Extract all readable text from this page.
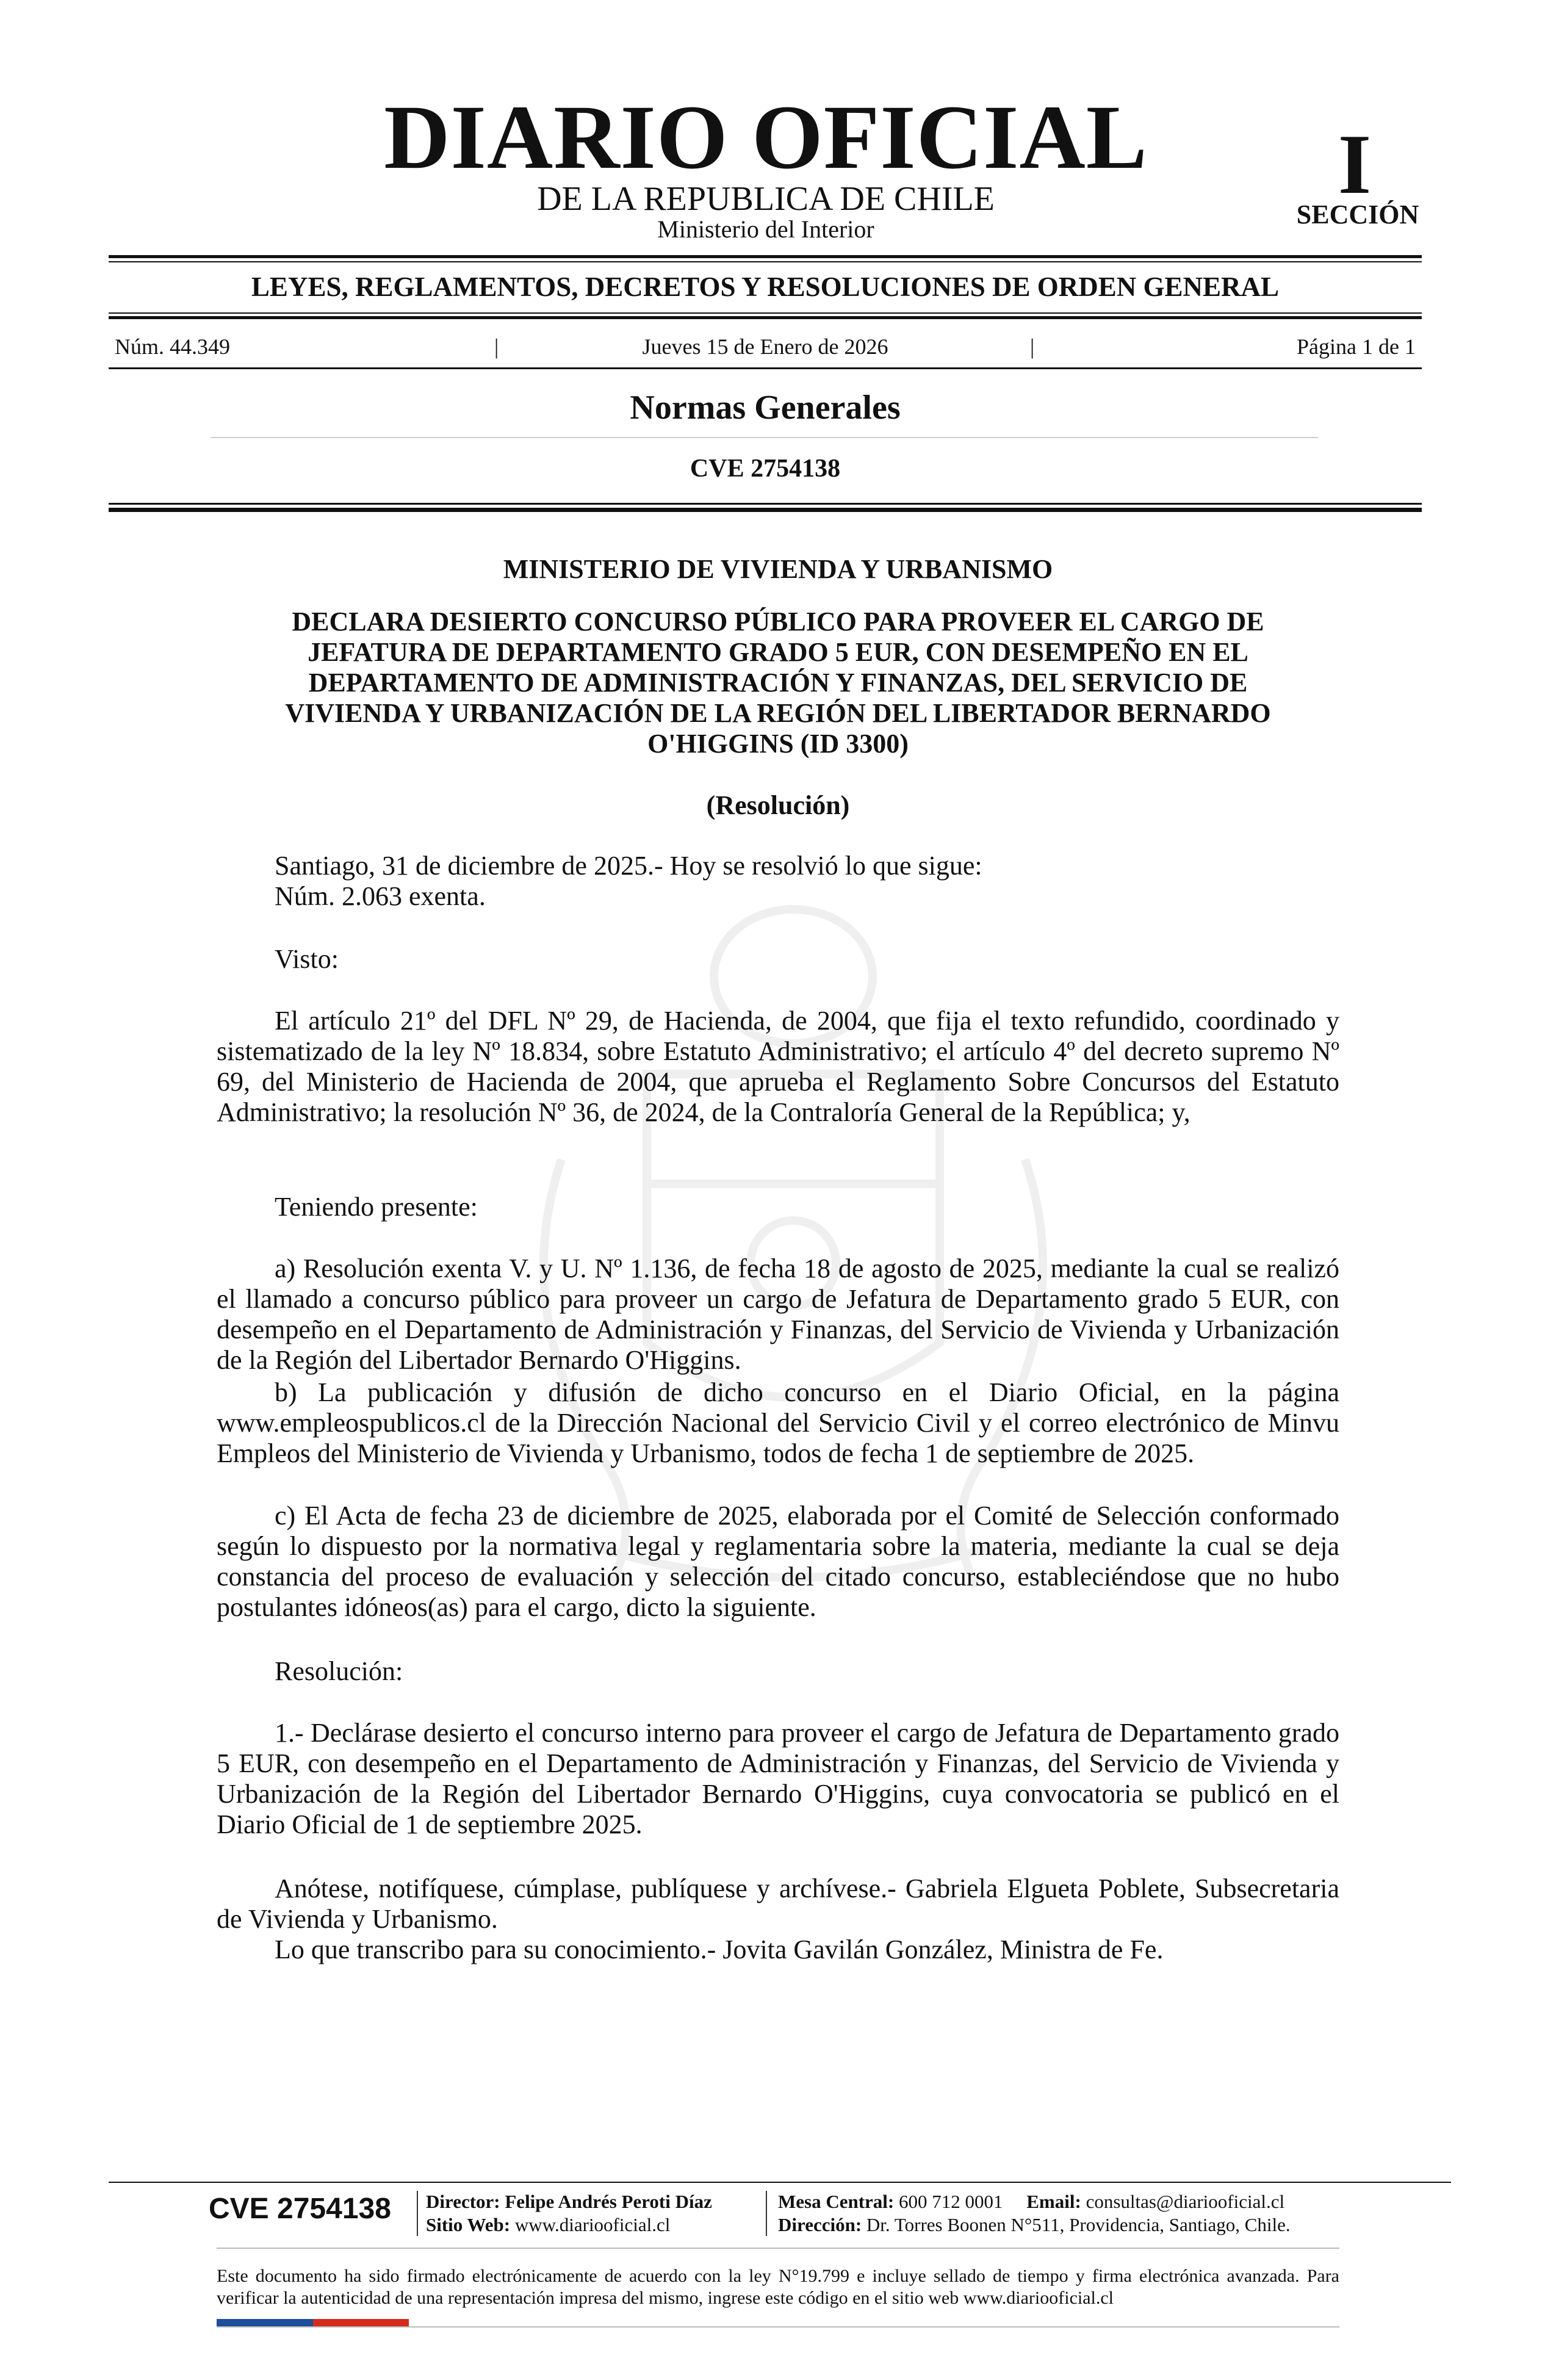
DIARIO OFICIAL
DE LA REPUBLICA DE CHILE
Ministerio del Interior
I
SECCIÓN
LEYES, REGLAMENTOS, DECRETOS Y RESOLUCIONES DE ORDEN GENERAL
Núm. 44.349	|	Jueves 15 de Enero de 2026	|	Página 1 de 1
Normas Generales
CVE 2754138
MINISTERIO DE VIVIENDA Y URBANISMO
DECLARA DESIERTO CONCURSO PÚBLICO PARA PROVEER EL CARGO DE
JEFATURA DE DEPARTAMENTO GRADO 5 EUR, CON DESEMPEÑO EN EL
DEPARTAMENTO DE ADMINISTRACIÓN Y FINANZAS, DEL SERVICIO DE
VIVIENDA Y URBANIZACIÓN DE LA REGIÓN DEL LIBERTADOR BERNARDO
O'HIGGINS (ID 3300)
(Resolución)
Santiago, 31 de diciembre de 2025.- Hoy se resolvió lo que sigue:
Núm. 2.063 exenta.
Visto:
El artículo 21º del DFL Nº 29, de Hacienda, de 2004, que fija el texto refundido, coordinado y sistematizado de la ley Nº 18.834, sobre Estatuto Administrativo; el artículo 4º del decreto supremo Nº 69, del Ministerio de Hacienda de 2004, que aprueba el Reglamento Sobre Concursos del Estatuto Administrativo; la resolución Nº 36, de 2024, de la Contraloría General de la República; y,
Teniendo presente:
a) Resolución exenta V. y U. Nº 1.136, de fecha 18 de agosto de 2025, mediante la cual se realizó el llamado a concurso público para proveer un cargo de Jefatura de Departamento grado 5 EUR, con desempeño en el Departamento de Administración y Finanzas, del Servicio de Vivienda y Urbanización de la Región del Libertador Bernardo O'Higgins.
b) La publicación y difusión de dicho concurso en el Diario Oficial, en la página www.empleospublicos.cl de la Dirección Nacional del Servicio Civil y el correo electrónico de Minvu Empleos del Ministerio de Vivienda y Urbanismo, todos de fecha 1 de septiembre de 2025.
c) El Acta de fecha 23 de diciembre de 2025, elaborada por el Comité de Selección conformado según lo dispuesto por la normativa legal y reglamentaria sobre la materia, mediante la cual se deja constancia del proceso de evaluación y selección del citado concurso, estableciéndose que no hubo postulantes idóneos(as) para el cargo, dicto la siguiente.
Resolución:
1.- Declárase desierto el concurso interno para proveer el cargo de Jefatura de Departamento grado 5 EUR, con desempeño en el Departamento de Administración y Finanzas, del Servicio de Vivienda y Urbanización de la Región del Libertador Bernardo O'Higgins, cuya convocatoria se publicó en el Diario Oficial de 1 de septiembre 2025.
Anótese, notifíquese, cúmplase, publíquese y archívese.- Gabriela Elgueta Poblete, Subsecretaria de Vivienda y Urbanismo.
Lo que transcribo para su conocimiento.- Jovita Gavilán González, Ministra de Fe.
CVE 2754138 Director: Felipe Andrés Peroti Díaz
Sitio Web: www.diariooficial.cl
Mesa Central: 600 712 0001 Email: consultas@diariooficial.cl
Dirección: Dr. Torres Boonen N°511, Providencia, Santiago, Chile.
Este documento ha sido firmado electrónicamente de acuerdo con la ley N°19.799 e incluye sellado de tiempo y firma electrónica avanzada. Para verificar la autenticidad de una representación impresa del mismo, ingrese este código en el sitio web www.diariooficial.cl
